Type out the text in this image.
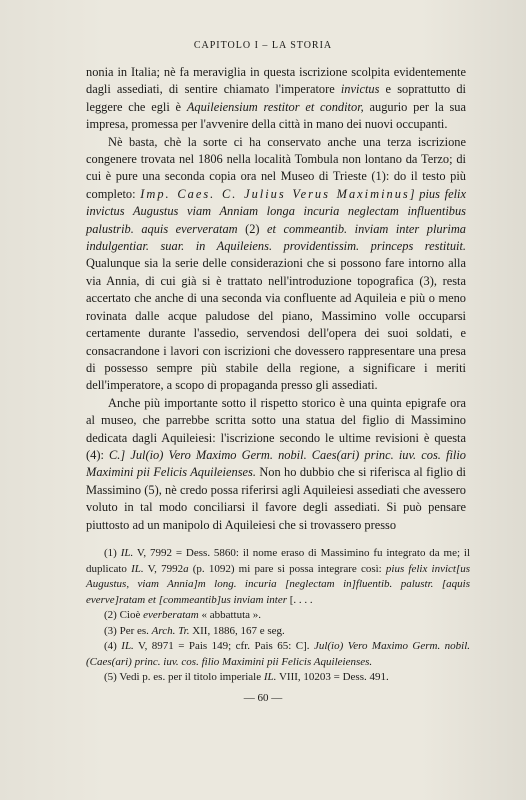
CAPITOLO I – LA STORIA

nonia in Italia; nè fa meraviglia in questa iscrizione scolpita evidentemente dagli assediati, di sentire chiamato l'imperatore invictus e soprattutto di leggere che egli è Aquileiensium restitor et conditor, augurio per la sua impresa, promessa per l'avvenire della città in mano dei nuovi occupanti.

Nè basta, chè la sorte ci ha conservato anche una terza iscrizione congenere trovata nel 1806 nella località Tombula non lontano da Terzo; di cui è pure una seconda copia ora nel Museo di Trieste (1): do il testo più completo: Imp. Caes. C. Julius Verus Maximinus] pius felix invictus Augustus viam Anniam longa incuria neglectam influentibus palustrib. aquis eververatam (2) et commeantib. inviam inter plurima indulgentiar. suar. in Aquileiens. providentissim. princeps restituit. Qualunque sia la serie delle considerazioni che si possono fare intorno alla via Annia, di cui già si è trattato nell'introduzione topografica (3), resta accertato che anche di una seconda via confluente ad Aquileia e più o meno rovinata dalle acque paludose del piano, Massimino volle occuparsi certamente durante l'assedio, servendosi dell'opera dei suoi soldati, e consacrandone i lavori con iscrizioni che dovessero rappresentare una presa di possesso sempre più stabile della regione, a significare i meriti dell'imperatore, a scopo di propaganda presso gli assediati.

Anche più importante sotto il rispetto storico è una quinta epigrafe ora al museo, che parrebbe scritta sotto una statua del figlio di Massimino dedicata dagli Aquileiesi: l'iscrizione secondo le ultime revisioni è questa (4): C.] Jul(io) Vero Maximo Germ. nobil. Caes(ari) princ. iuv. cos. filio Maximini pii Felicis Aquileienses. Non ho dubbio che si riferisca al figlio di Massimino (5), nè credo possa riferirsi agli Aquileiesi assediati che avessero voluto in tal modo conciliarsi il favore degli assediati. Si può pensare piuttosto ad un manipolo di Aquileiesi che si trovassero presso

(1) IL. V, 7992 = Dess. 5860: il nome eraso di Massimino fu integrato da me; il duplicato IL. V, 7992a (p. 1092) mi pare si possa integrare così: pius felix invict[us Augustus, viam Annia]m long. incuria [neglectam in]fluentib. palustr. [aquis everve]ratam et [commeantib]us inviam inter [. . . .

(2) Cioè everberatam « abbattuta ».

(3) Per es. Arch. Tr. XII, 1886, 167 e seg.

(4) IL. V, 8971 = Pais 149; cfr. Pais 65: C]. Jul(io) Vero Maximo Germ. nobil. (Caes(ari) princ. iuv. cos. filio Maximini pii Felicis Aquileienses.

(5) Vedi p. es. per il titolo imperiale IL. VIII, 10203 = Dess. 491.

— 60 —
